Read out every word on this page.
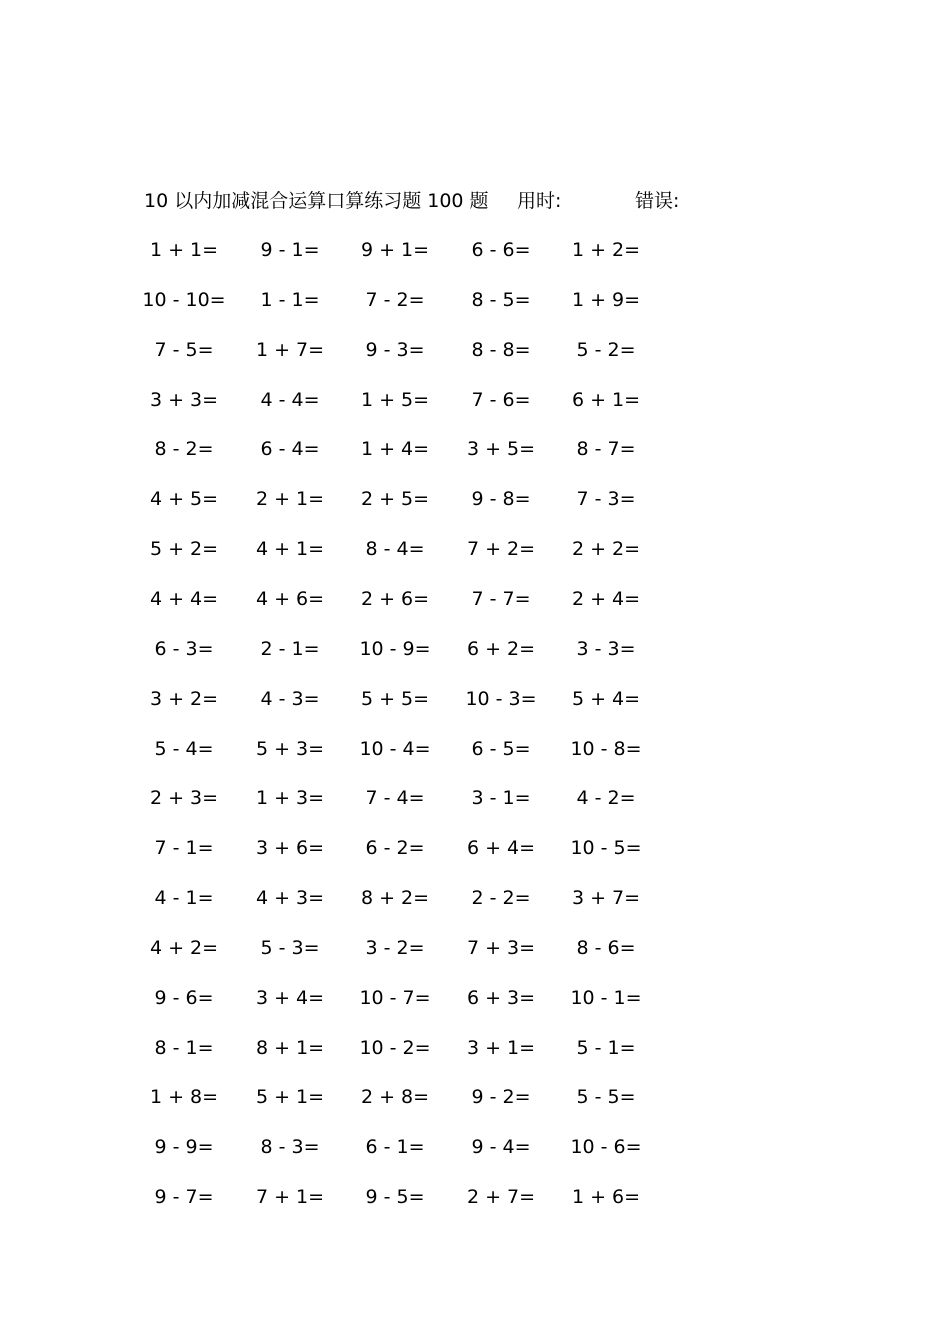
10 以内加减混合运算口算练习题 100 题 用时:	错误:
1 + 1=	9 - 1=	9 + 1=	6 - 6=	1 + 2=
10 - 10=	1 - 1=	7 - 2=	8 - 5=	1 + 9=
7 - 5=	1 + 7=	9 - 3=	8 - 8=	5 - 2=
3 + 3=	4 - 4=	1 + 5=	7 - 6=	6 + 1=
8 - 2=	6 - 4=	1 + 4=	3 + 5=	8 - 7=
4 + 5=	2 + 1=	2 + 5=	9 - 8=	7 - 3=
5 + 2=	4 + 1=	8 - 4=	7 + 2=	2 + 2=
4 + 4=	4 + 6=	2 + 6=	7 - 7=	2 + 4=
6 - 3=	2 - 1=	10 - 9=	6 + 2=	3 - 3=
3 + 2=	4 - 3=	5 + 5=	10 - 3=	5 + 4=
5 - 4=	5 + 3=	10 - 4=	6 - 5=	10 - 8=
2 + 3=	1 + 3=	7 - 4=	3 - 1=	4 - 2=
7 - 1=	3 + 6=	6 - 2=	6 + 4=	10 - 5=
4 - 1=	4 + 3=	8 + 2=	2 - 2=	3 + 7=
4 + 2=	5 - 3=	3 - 2=	7 + 3=	8 - 6=
9 - 6=	3 + 4=	10 - 7=	6 + 3=	10 - 1=
8 - 1=	8 + 1=	10 - 2=	3 + 1=	5 - 1=
1 + 8=	5 + 1=	2 + 8=	9 - 2=	5 - 5=
9 - 9=	8 - 3=	6 - 1=	9 - 4=	10 - 6=
9 - 7=	7 + 1=	9 - 5=	2 + 7=	1 + 6=
